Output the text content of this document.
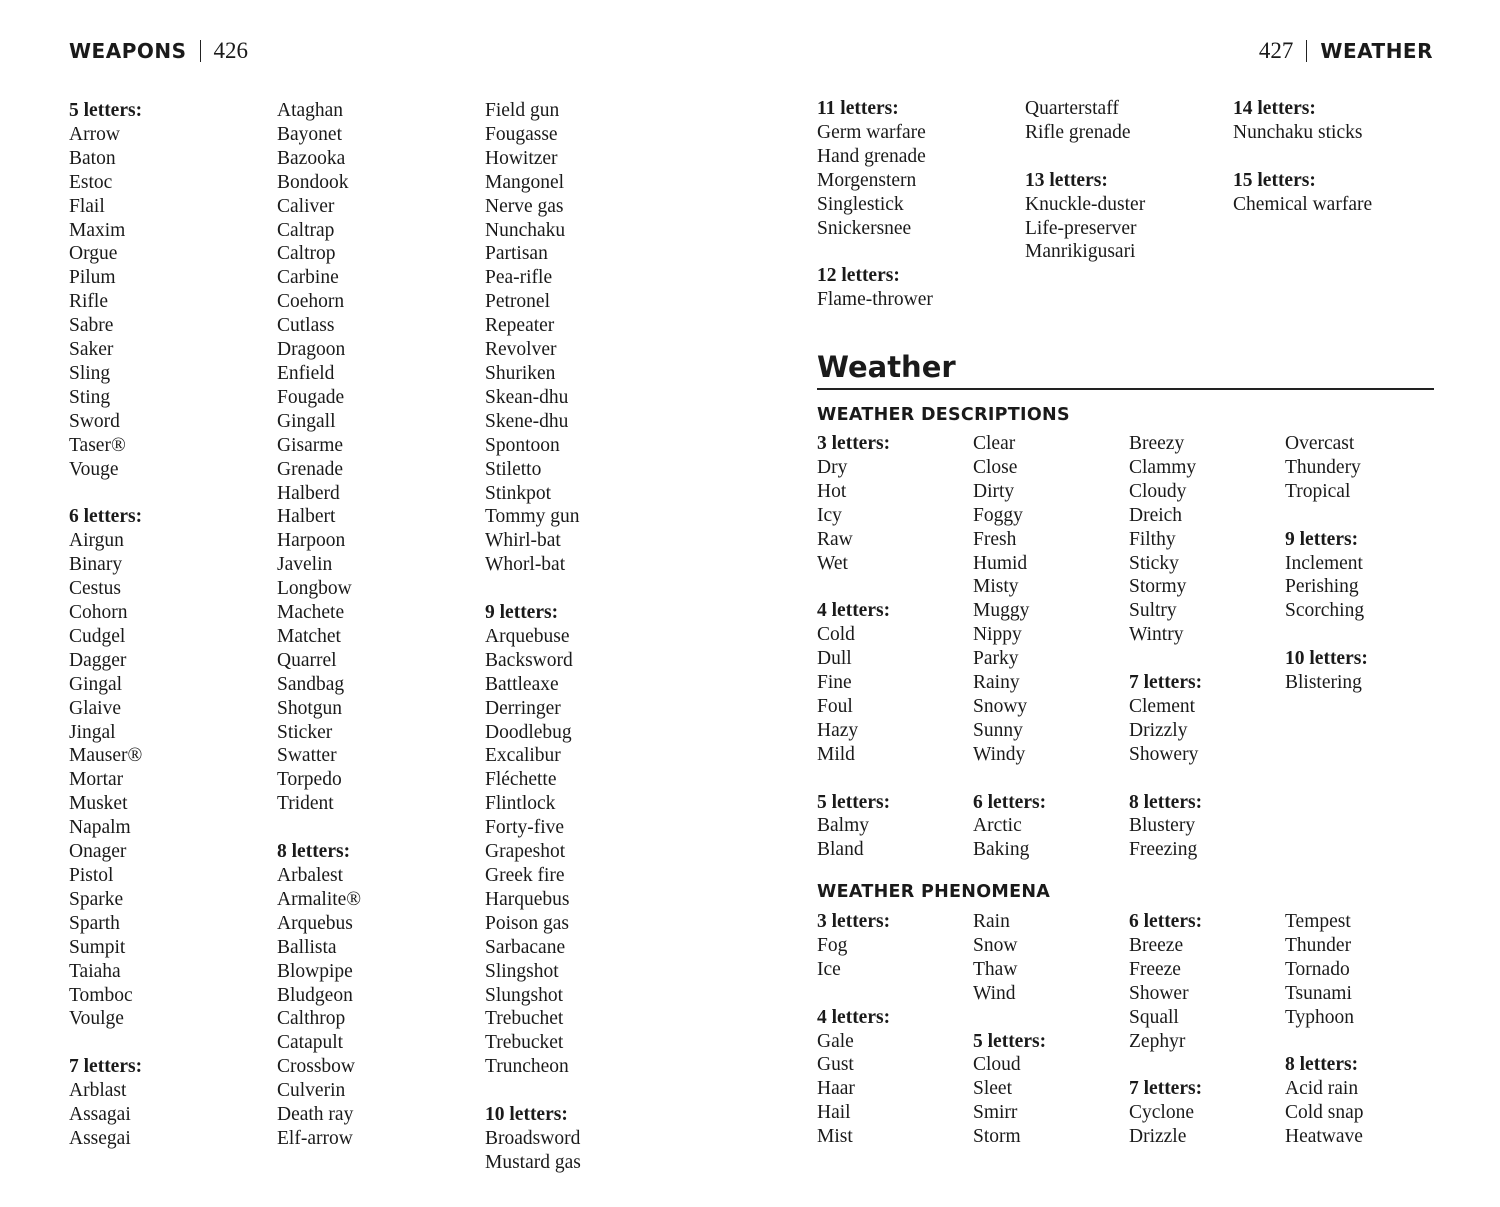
WEAPONS 426	427 WEATHER
5 letters:
Arrow
Baton
Estoc
Flail
Maxim
Orgue
Pilum
Rifle
Sabre
Saker
Sling
Sting
Sword
Taser®
Vouge
6 letters:
Airgun
Binary
Cestus
Cohorn
Cudgel
Dagger
Gingal
Glaive
Jingal
Mauser®
Mortar
Musket
Napalm
Onager
Pistol
Sparke
Sparth
Sumpit
Taiaha
Tomboc
Voulge
7 letters:
Arblast
Assagai
Assegai
Ataghan
Bayonet
Bazooka
Bondook
Caliver
Caltrap
Caltrop
Carbine
Coehorn
Cutlass
Dragoon
Enfield
Fougade
Gingall
Gisarme
Grenade
Halberd
Halbert
Harpoon
Javelin
Longbow
Machete
Matchet
Quarrel
Sandbag
Shotgun
Sticker
Swatter
Torpedo
Trident
8 letters:
Arbalest
Armalite®
Arquebus
Ballista
Blowpipe
Bludgeon
Calthrop
Catapult
Crossbow
Culverin
Death ray
Elf-arrow
Field gun
Fougasse
Howitzer
Mangonel
Nerve gas
Nunchaku
Partisan
Pea-rifle
Petronel
Repeater
Revolver
Shuriken
Skean-dhu
Skene-dhu
Spontoon
Stiletto
Stinkpot
Tommy gun
Whirl-bat
Whorl-bat
9 letters:
Arquebuse
Backsword
Battleaxe
Derringer
Doodlebug
Excalibur
Fléchette
Flintlock
Forty-five
Grapeshot
Greek fire
Harquebus
Poison gas
Sarbacane
Slingshot
Slungshot
Trebuchet
Trebucket
Truncheon
10 letters:
Broadsword
Mustard gas
11 letters:
Germ warfare
Hand grenade
Morgenstern
Singlestick
Snickersnee
12 letters:
Flame-thrower
Quarterstaff
Rifle grenade
13 letters:
Knuckle-duster
Life-preserver
Manrikigusari
14 letters:
Nunchaku sticks
15 letters:
Chemical warfare
Weather
WEATHER DESCRIPTIONS
3 letters:
Dry
Hot
Icy
Raw
Wet
4 letters:
Cold
Dull
Fine
Foul
Hazy
Mild
5 letters:
Balmy
Bland
Clear
Close
Dirty
Foggy
Fresh
Humid
Misty
Muggy
Nippy
Parky
Rainy
Snowy
Sunny
Windy
6 letters:
Arctic
Baking
Breezy
Clammy
Cloudy
Dreich
Filthy
Sticky
Stormy
Sultry
Wintry
7 letters:
Clement
Drizzly
Showery
8 letters:
Blustery
Freezing
Overcast
Thundery
Tropical
9 letters:
Inclement
Perishing
Scorching
10 letters:
Blistering
WEATHER PHENOMENA
3 letters:
Fog
Ice
4 letters:
Gale
Gust
Haar
Hail
Mist
Rain
Snow
Thaw
Wind
5 letters:
Cloud
Sleet
Smirr
Storm
6 letters:
Breeze
Freeze
Shower
Squall
Zephyr
7 letters:
Cyclone
Drizzle
Tempest
Thunder
Tornado
Tsunami
Typhoon
8 letters:
Acid rain
Cold snap
Heatwave
